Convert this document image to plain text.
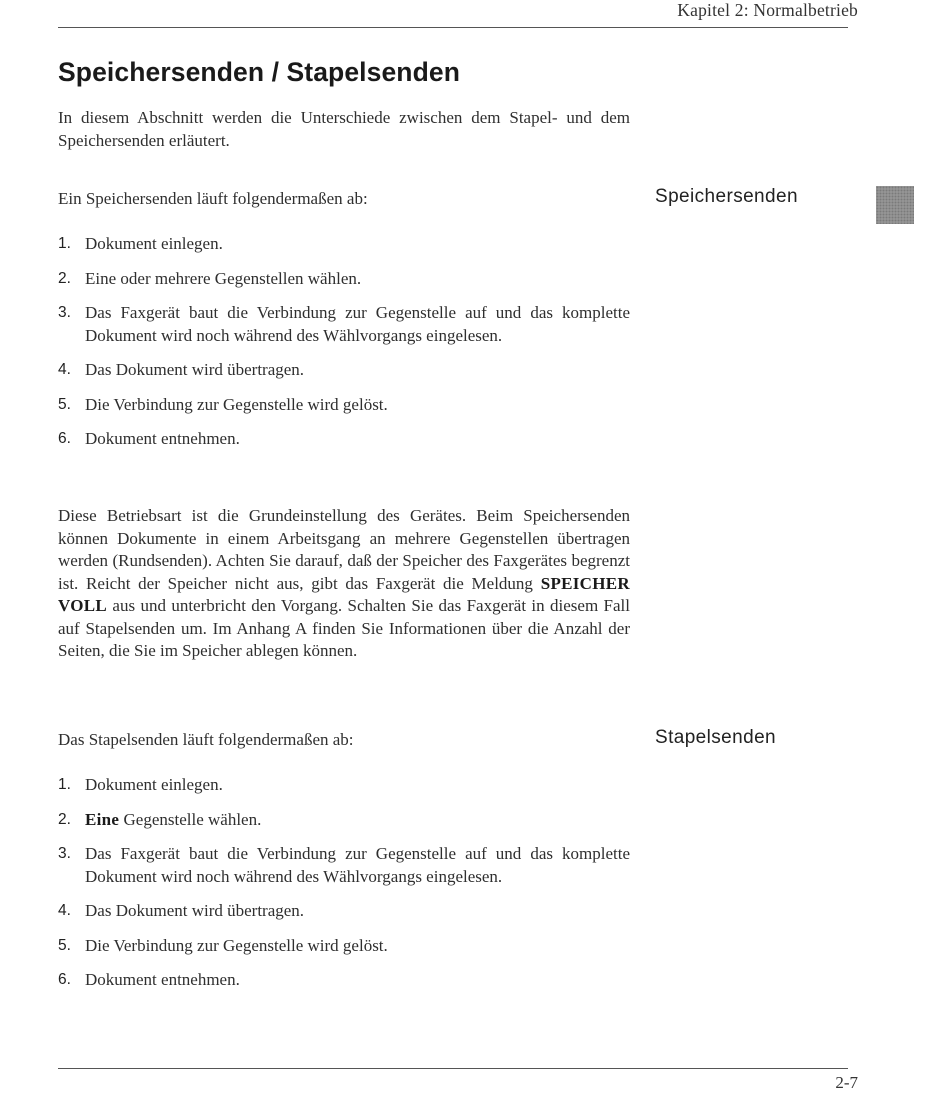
Kapitel 2: Normalbetrieb
Speichersenden / Stapelsenden

In diesem Abschnitt werden die Unterschiede zwischen dem Stapel- und dem Speichersenden erläutert.

Speichersenden

Ein Speichersenden läuft folgendermaßen ab:

1. Dokument einlegen.
2. Eine oder mehrere Gegenstellen wählen.
3. Das Faxgerät baut die Verbindung zur Gegenstelle auf und das komplette Dokument wird noch während des Wählvorgangs eingelesen.
4. Das Dokument wird übertragen.
5. Die Verbindung zur Gegenstelle wird gelöst.
6. Dokument entnehmen.

Diese Betriebsart ist die Grundeinstellung des Gerätes. Beim Speichersenden können Dokumente in einem Arbeitsgang an mehrere Gegenstellen übertragen werden (Rundsenden). Achten Sie darauf, daß der Speicher des Faxgerätes begrenzt ist. Reicht der Speicher nicht aus, gibt das Faxgerät die Meldung SPEICHER VOLL aus und unterbricht den Vorgang. Schalten Sie das Faxgerät in diesem Fall auf Stapelsenden um. Im Anhang A finden Sie Informationen über die Anzahl der Seiten, die Sie im Speicher ablegen können.

Stapelsenden

Das Stapelsenden läuft folgendermaßen ab:

1. Dokument einlegen.
2. Eine Gegenstelle wählen.
3. Das Faxgerät baut die Verbindung zur Gegenstelle auf und das komplette Dokument wird noch während des Wählvorgangs eingelesen.
4. Das Dokument wird übertragen.
5. Die Verbindung zur Gegenstelle wird gelöst.
6. Dokument entnehmen.
2-7
